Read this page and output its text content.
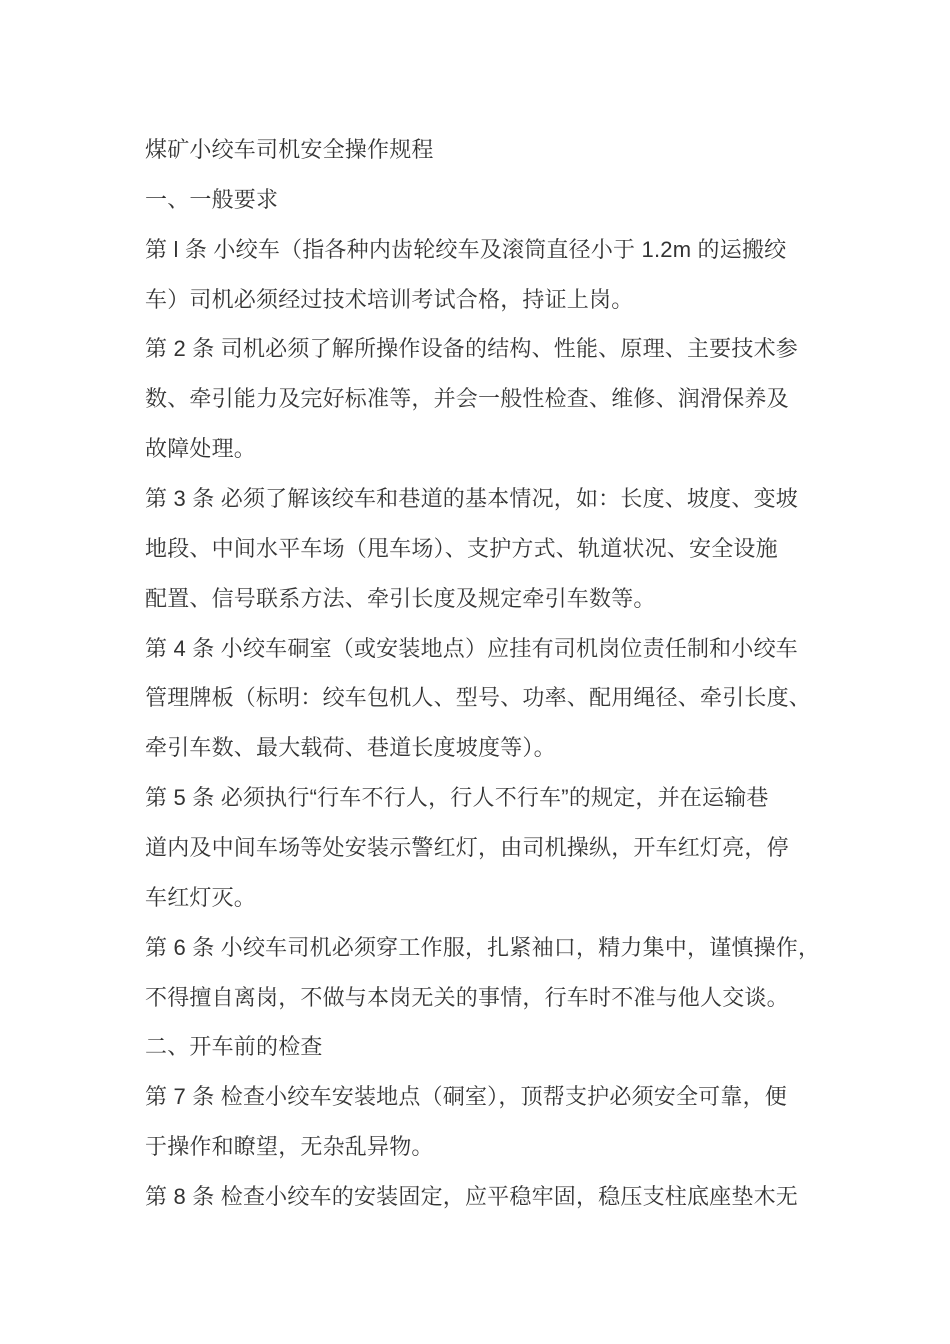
煤矿小绞车司机安全操作规程
一、一般要求
第 l 条 小绞车（指各种内齿轮绞车及滚筒直径小于 1.2m 的运搬绞
车）司机必须经过技术培训考试合格，持证上岗。
第 2 条 司机必须了解所操作设备的结构、性能、原理、主要技术参
数、牵引能力及完好标准等，并会一般性检查、维修、润滑保养及
故障处理。
第 3 条 必须了解该绞车和巷道的基本情况，如：长度、坡度、变坡
地段、中间水平车场（甩车场）、支护方式、轨道状况、安全设施
配置、信号联系方法、牵引长度及规定牵引车数等。
第 4 条 小绞车硐室（或安装地点）应挂有司机岗位责任制和小绞车
管理牌板（标明：绞车包机人、型号、功率、配用绳径、牵引长度、
牵引车数、最大载荷、巷道长度坡度等）。
第 5 条 必须执行“行车不行人，行人不行车”的规定，并在运输巷
道内及中间车场等处安装示警红灯，由司机操纵，开车红灯亮，停
车红灯灭。
第 6 条 小绞车司机必须穿工作服，扎紧袖口，精力集中，谨慎操作，
不得擅自离岗，不做与本岗无关的事情，行车时不准与他人交谈。
二、开车前的检查
第 7 条 检查小绞车安装地点（硐室），顶帮支护必须安全可靠，便
于操作和瞭望，无杂乱异物。
第 8 条 检查小绞车的安装固定，应平稳牢固，稳压支柱底座垫木无
